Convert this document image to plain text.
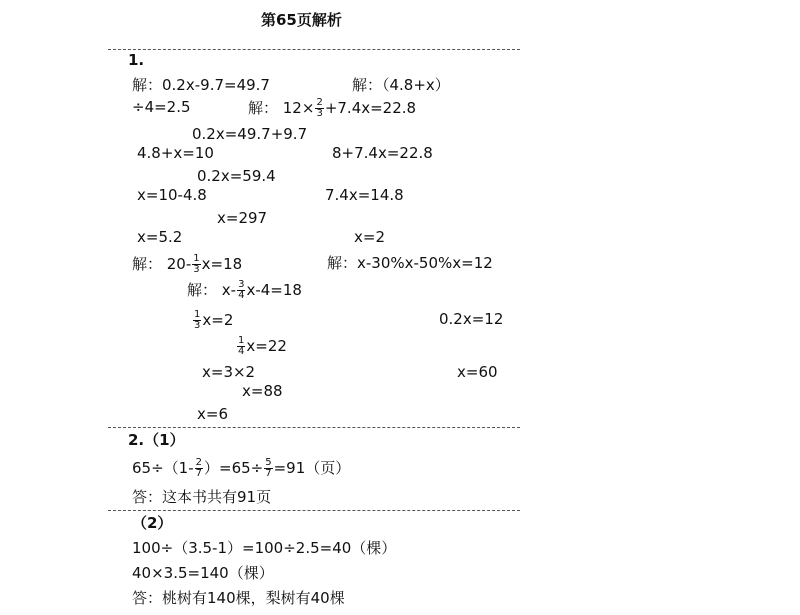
第65页解析
1.
解：0.2x-9.7=49.7	解：（4.8+x）
÷4=2.5	解： $12\times \frac{2}{3} +7.4x=22.8$
0.2x=49.7+9.7
4.8+x=10	8+7.4x=22.8
0.2x=59.4
x=10-4.8	7.4x=14.8
x=297
x=5.2	x=2
解： $20- \frac{1}{3} x=18$	解：x-30%x-50%x=12
解： $x- \frac{3}{4} x-4=18$
$\frac{1}{3} x=2$	0.2x=12
$\frac{1}{4} x=22$
x=3×2	x=60
x=88
x=6
2.（1）
$65\div(1- \frac{2}{7} )=65\div \frac{5}{7} =91$（页）
答：这本书共有91页
（2）
100÷（3.5-1）=100÷2.5=40（棵）
40×3.5=140（棵）
答：桃树有140棵，梨树有40棵
